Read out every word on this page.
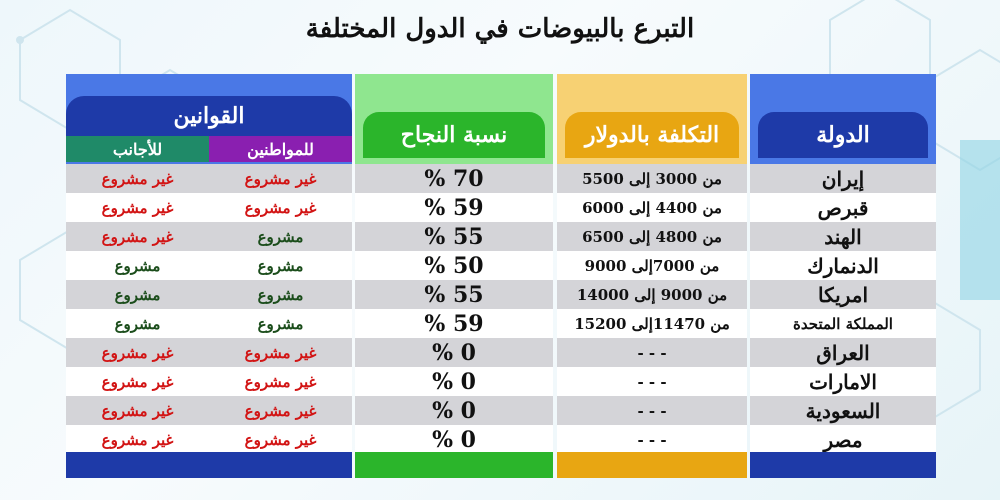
التبرع بالبيوضات في الدول المختلفة
الدولة
إيران
قبرص
الهند
الدنمارك
امريكا
المملكة المتحدة
العراق
الامارات
السعودية
مصر
التكلفة بالدولار
من 3000 إلى 5500
من 4400 إلى 6000
من 4800 إلى 6500
من 7000إلى 9000
من 9000 إلى 14000
من 11470إلى 15200
- - -
- - -
- - -
- - -
نسبة النجاح
70 %
59 %
55 %
50 %
55 %
59 %
0 %
0 %
0 %
0 %
القوانين
للمواطنين
للأجانب
غير مشروع
غير مشروع
غير مشروع
غير مشروع
مشروع
غير مشروع
مشروع
مشروع
مشروع
مشروع
مشروع
مشروع
غير مشروع
غير مشروع
غير مشروع
غير مشروع
غير مشروع
غير مشروع
غير مشروع
غير مشروع
